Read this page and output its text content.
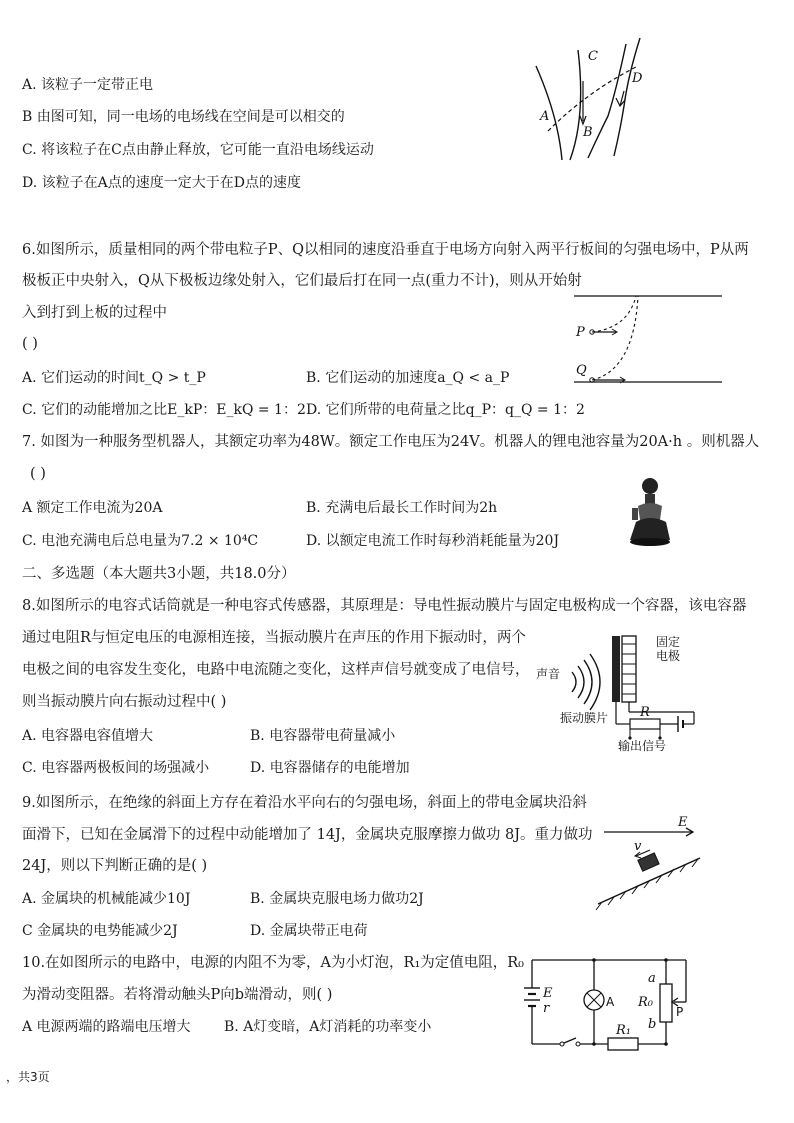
A. 该粒子一定带正电
B 由图可知，同一电场的电场线在空间是可以相交的
C. 将该粒子在C点由静止释放，它可能一直沿电场线运动
D. 该粒子在A点的速度一定大于在D点的速度
A
B
C
D
6.如图所示，质量相同的两个带电粒子P、Q以相同的速度沿垂直于电场方向射入两平行板间的匀强电场中，P从两
极板正中央射入，Q从下极板边缘处射入，它们最后打在同一点(重力不计)，则从开始射
入到打到上板的过程中
( )
A. 它们运动的时间t_Q > t_P	B. 它们运动的加速度a_Q < a_P
C. 它们的动能增加之比E_kP：E_kQ = 1：2 D. 它们所带的电荷量之比q_P：q_Q = 1：2
P
Q
7. 如图为一种服务型机器人，其额定功率为48W。额定工作电压为24V。机器人的锂电池容量为20A·h 。则机器人
( )
A 额定工作电流为20A	B. 充满电后最长工作时间为2h
C. 电池充满电后总电量为7.2 × 10⁴C	D. 以额定电流工作时每秒消耗能量为20J
二、多选题（本大题共3小题，共18.0分）
8.如图所示的电容式话筒就是一种电容式传感器，其原理是：导电性振动膜片与固定电极构成一个容器，该电容器
通过电阻R与恒定电压的电源相连接，当振动膜片在声压的作用下振动时，两个
电极之间的电容发生变化，电路中电流随之变化，这样声信号就变成了电信号，
则当振动膜片向右振动过程中( )
A. 电容器电容值增大	B. 电容器带电荷量减小
C. 电容器两极板间的场强减小	D. 电容器储存的电能增加
声音
固定
电极
振动膜片 R
输出信号
9.如图所示，在绝缘的斜面上方存在着沿水平向右的匀强电场，斜面上的带电金属块沿斜
面滑下，已知在金属滑下的过程中动能增加了 14J，金属块克服摩擦力做功 8J。重力做功
24J，则以下判断正确的是( )
A. 金属块的机械能减少10J	B. 金属块克服电场力做功2J
C 金属块的电势能减少2J	D. 金属块带正电荷
E
v
10.在如图所示的电路中，电源的内阻不为零，A为小灯泡，R₁为定值电阻，R₀
为滑动变阻器。若将滑动触头P向b端滑动，则( )
A 电源两端的路端电压增大 B. A灯变暗，A灯消耗的功率变小
E
r	A
a
R₀
b
P
R₁
，共3页
